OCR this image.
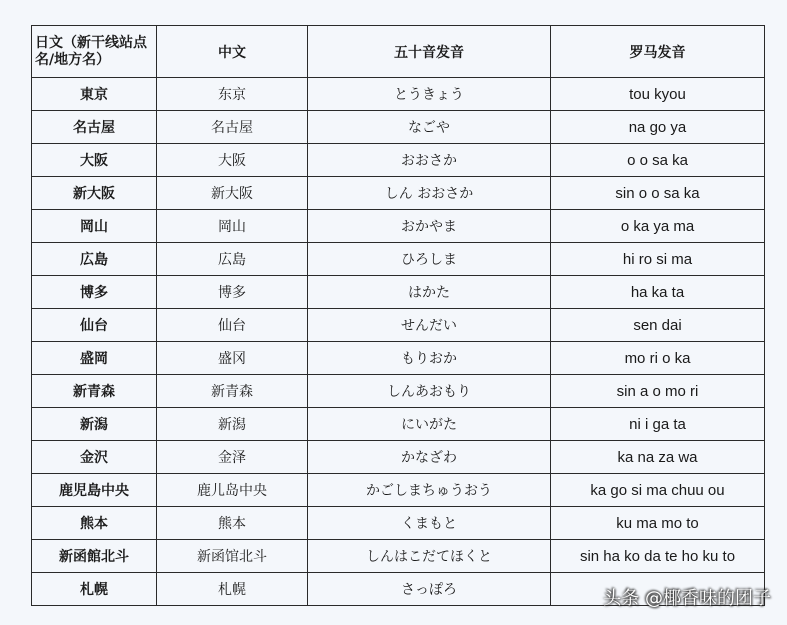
日文（新干线站点名/地方名）	中文	五十音发音	罗马发音
東京	东京	とうきょう	tou kyou
名古屋	名古屋	なごや	na go ya
大阪	大阪	おおさか	o o sa ka
新大阪	新大阪	しん おおさか	sin o o sa ka
岡山	岡山	おかやま	o ka ya ma
広島	広島	ひろしま	hi ro si ma
博多	博多	はかた	ha ka ta
仙台	仙台	せんだい	sen dai
盛岡	盛冈	もりおか	mo ri o ka
新青森	新青森	しんあおもり	sin a o mo ri
新潟	新潟	にいがた	ni i ga ta
金沢	金泽	かなざわ	ka na za wa
鹿児島中央	鹿儿岛中央	かごしまちゅうおう	ka go si ma chuu ou
熊本	熊本	くまもと	ku ma mo to
新函館北斗	新函馆北斗	しんはこだてほくと	sin ha ko da te ho ku to
札幌	札幌	さっぽろ		头条 @椰香味的团子
